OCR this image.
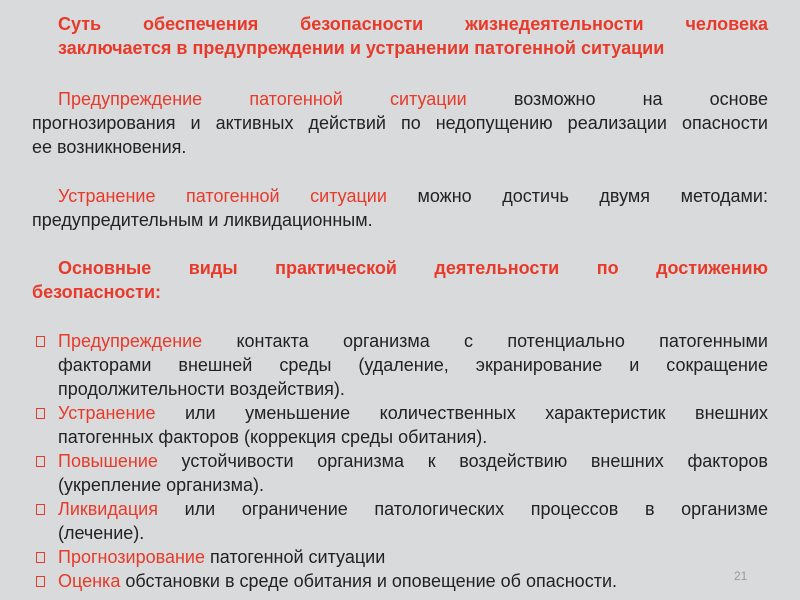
Суть обеспечения безопасности жизнедеятельности человека
заключается в предупреждении и устранении патогенной ситуации
Предупреждение патогенной ситуации возможно на основе
прогнозирования и активных действий по недопущению реализации опасности
ее возникновения.
Устранение патогенной ситуации можно достичь двумя методами:
предупредительным и ликвидационным.
Основные виды практической деятельности по достижению
безопасности:
Предупреждение контакта организма с потенциально патогенными
факторами внешней среды (удаление, экранирование и сокращение
продолжительности воздействия).
Устранение или уменьшение количественных характеристик внешних
патогенных факторов (коррекция среды обитания).
Повышение устойчивости организма к воздействию внешних факторов
(укрепление организма).
Ликвидация или ограничение патологических процессов в организме
(лечение).
Прогнозирование патогенной ситуации
Оценка обстановки в среде обитания и оповещение об опасности.	21
